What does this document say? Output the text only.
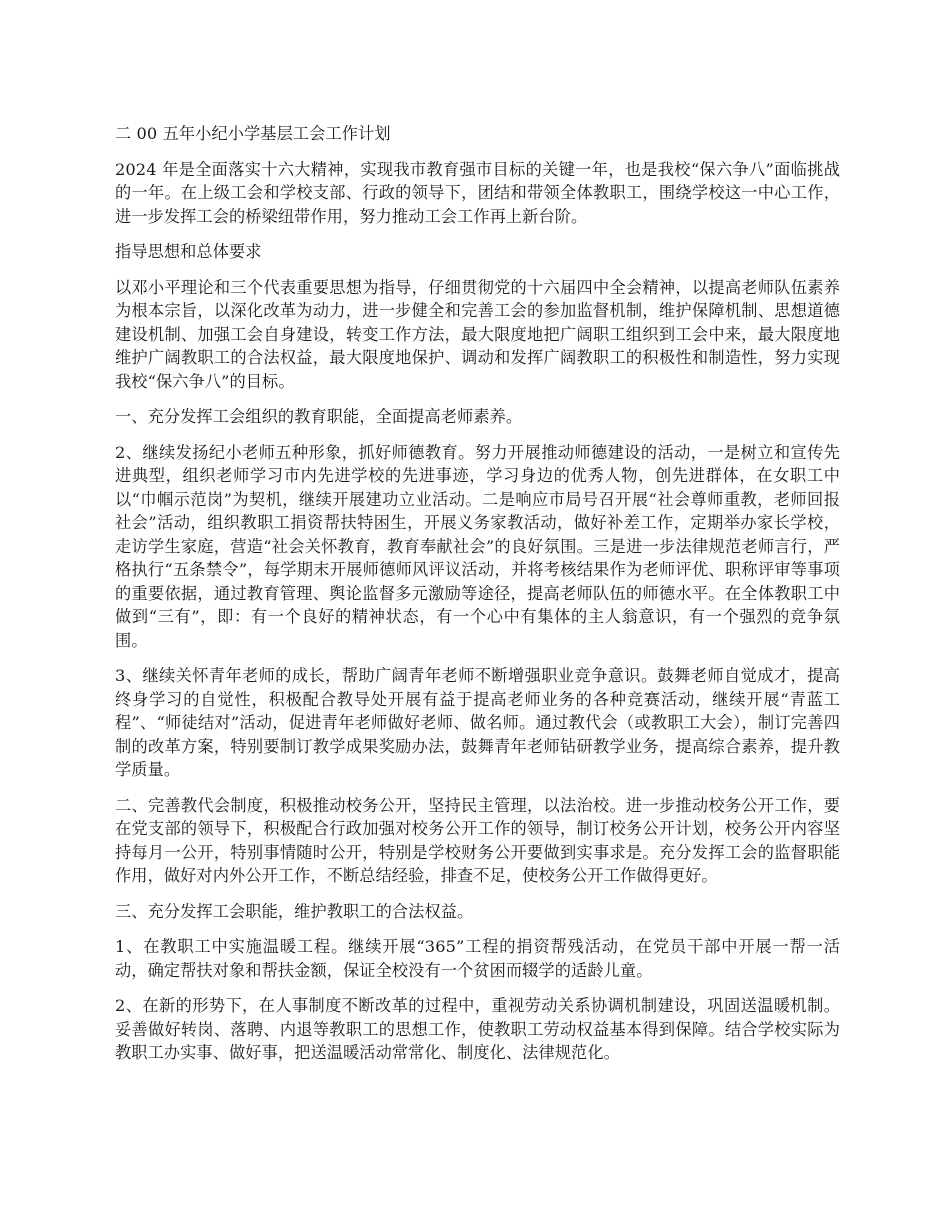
二 00 五年小纪小学基层工会工作计划

2024 年是全面落实十六大精神，实现我市教育强市目标的关键一年，也是我校“保六争八”面临挑战的一年。在上级工会和学校支部、行政的领导下，团结和带领全体教职工，围绕学校这一中心工作，进一步发挥工会的桥梁纽带作用，努力推动工会工作再上新台阶。

指导思想和总体要求

以邓小平理论和三个代表重要思想为指导，仔细贯彻党的十六届四中全会精神，以提高老师队伍素养为根本宗旨，以深化改革为动力，进一步健全和完善工会的参加监督机制，维护保障机制、思想道德建设机制、加强工会自身建设，转变工作方法，最大限度地把广阔职工组织到工会中来，最大限度地维护广阔教职工的合法权益，最大限度地保护、调动和发挥广阔教职工的积极性和制造性，努力实现我校“保六争八”的目标。

一、充分发挥工会组织的教育职能，全面提高老师素养。

2、继续发扬纪小老师五种形象，抓好师德教育。努力开展推动师德建设的活动，一是树立和宣传先进典型，组织老师学习市内先进学校的先进事迹，学习身边的优秀人物，创先进群体，在女职工中以“巾帼示范岗”为契机，继续开展建功立业活动。二是响应市局号召开展“社会尊师重教，老师回报社会”活动，组织教职工捐资帮扶特困生，开展义务家教活动，做好补差工作，定期举办家长学校，走访学生家庭，营造“社会关怀教育，教育奉献社会”的良好氛围。三是进一步法律规范老师言行，严格执行“五条禁令”，每学期末开展师德师风评议活动，并将考核结果作为老师评优、职称评审等事项的重要依据，通过教育管理、舆论监督多元激励等途径，提高老师队伍的师德水平。在全体教职工中做到“三有”，即：有一个良好的精神状态，有一个心中有集体的主人翁意识，有一个强烈的竞争氛围。

3、继续关怀青年老师的成长，帮助广阔青年老师不断增强职业竞争意识。鼓舞老师自觉成才，提高终身学习的自觉性，积极配合教导处开展有益于提高老师业务的各种竞赛活动，继续开展“青蓝工程”、“师徒结对”活动，促进青年老师做好老师、做名师。通过教代会（或教职工大会），制订完善四制的改革方案，特别要制订教学成果奖励办法，鼓舞青年老师钻研教学业务，提高综合素养，提升教学质量。

二、完善教代会制度，积极推动校务公开，坚持民主管理，以法治校。进一步推动校务公开工作，要在党支部的领导下，积极配合行政加强对校务公开工作的领导，制订校务公开计划，校务公开内容坚持每月一公开，特别事情随时公开，特别是学校财务公开要做到实事求是。充分发挥工会的监督职能作用，做好对内外公开工作，不断总结经验，排查不足，使校务公开工作做得更好。

三、充分发挥工会职能，维护教职工的合法权益。

1、在教职工中实施温暖工程。继续开展“365”工程的捐资帮残活动，在党员干部中开展一帮一活动，确定帮扶对象和帮扶金额，保证全校没有一个贫困而辍学的适龄儿童。

2、在新的形势下，在人事制度不断改革的过程中，重视劳动关系协调机制建设，巩固送温暖机制。妥善做好转岗、落聘、内退等教职工的思想工作，使教职工劳动权益基本得到保障。结合学校实际为教职工办实事、做好事，把送温暖活动常常化、制度化、法律规范化。
